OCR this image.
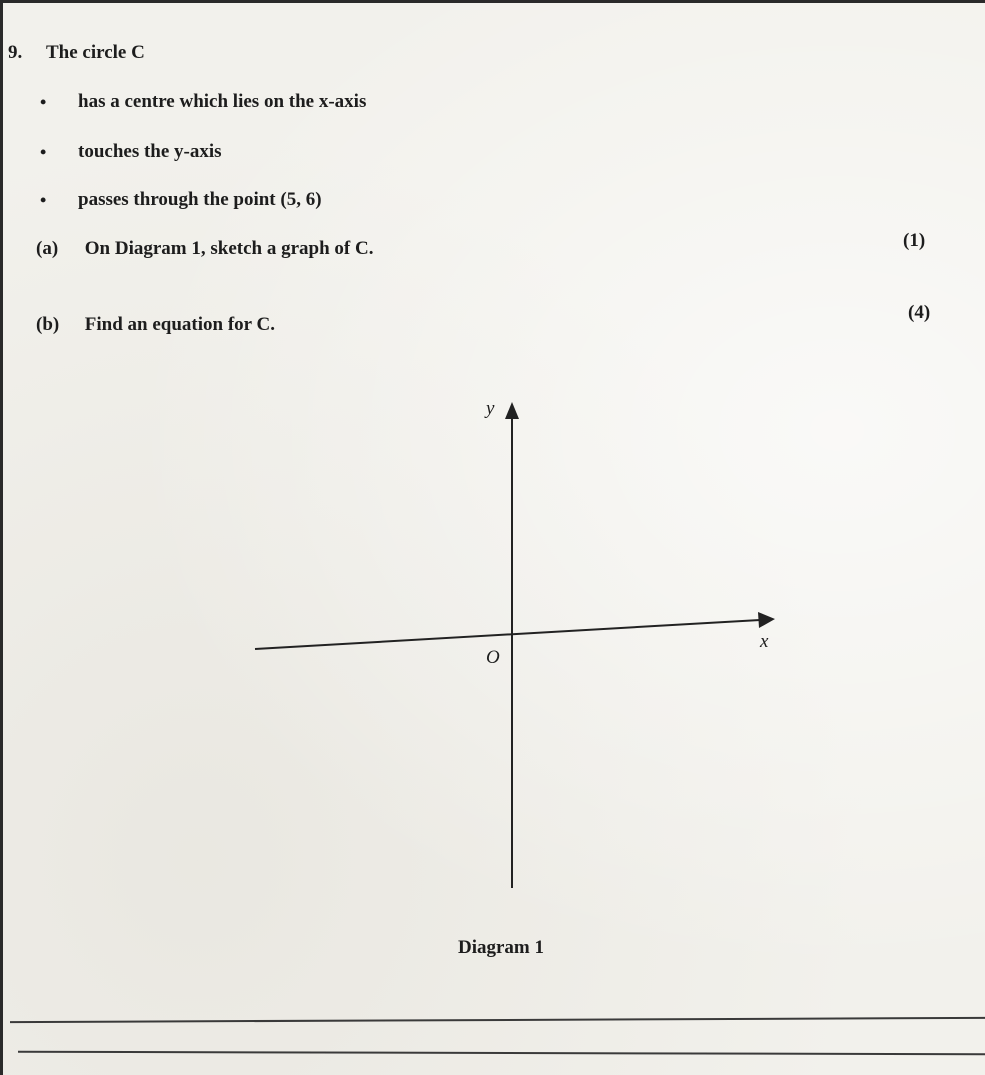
9. The circle C
•	has a centre which lies on the x-axis
•	touches the y-axis
•	passes through the point (5, 6)
(a) On Diagram 1, sketch a graph of C.	(1)
(b) Find an equation for C.
(4)
y
x
O
Diagram 1
